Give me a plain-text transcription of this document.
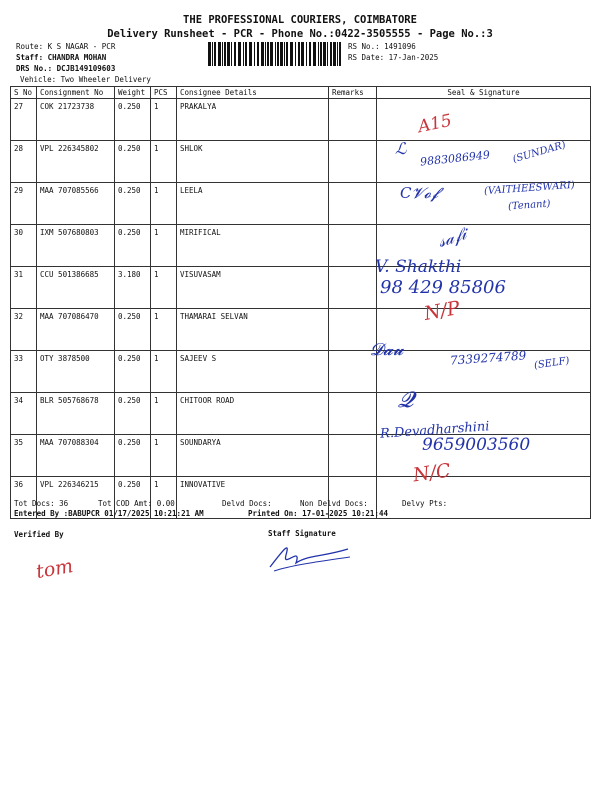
THE PROFESSIONAL COURIERS, COIMBATORE
Delivery Runsheet - PCR - Phone No.:0422-3505555 - Page No.:3
Route: K S NAGAR - PCR
Staff: CHANDRA MOHAN
DRS No.: DCJB149109603
Vehicle: Two Wheeler Delivery
RS No.: 1491096
RS Date: 17-Jan-2025
S No	Consignment No	Weight	PCS	Consignee Details	Remarks	Seal & Signature
27	COK 21723738	0.250	1	PRAKALYA		
28	VPL 226345802	0.250	1	SHLOK		
29	MAA 707085566	0.250	1	LEELA		
30	IXM 507680803	0.250	1	MIRIFICAL		
31	CCU 501386685	3.180	1	VISUVASAM		
32	MAA 707086470	0.250	1	THAMARAI SELVAN		
33	OTY 3878500	0.250	1	SAJEEV S		
34	BLR 505768678	0.250	1	CHITOOR ROAD		
35	MAA 707088304	0.250	1	SOUNDARYA		
36	VPL 226346215	0.250	1	INNOVATIVE		
Tot Docs: 36	Tot COD Amt: 0.00	Delvd Docs:	Non Delvd Docs:	Delvy Pts:
Entered By :BABUPCR 01/17/2025 10:21:21 AM	Printed On: 17-01-2025 10:21:44
Verified By	Staff Signature
A15
ℒ 9883086949 (SUNDAR)
C𝓥𝓸𝓯	(VAITHEESWARI)
(Tenant)
𝓈𝒶𝒻𝒾
V. Shakthi
98 429 85806
N/P
𝓓𝓪𝓾	7339274789 (SELF)
𝓠
R.Devadharshini
9659003560
N/C
tom
